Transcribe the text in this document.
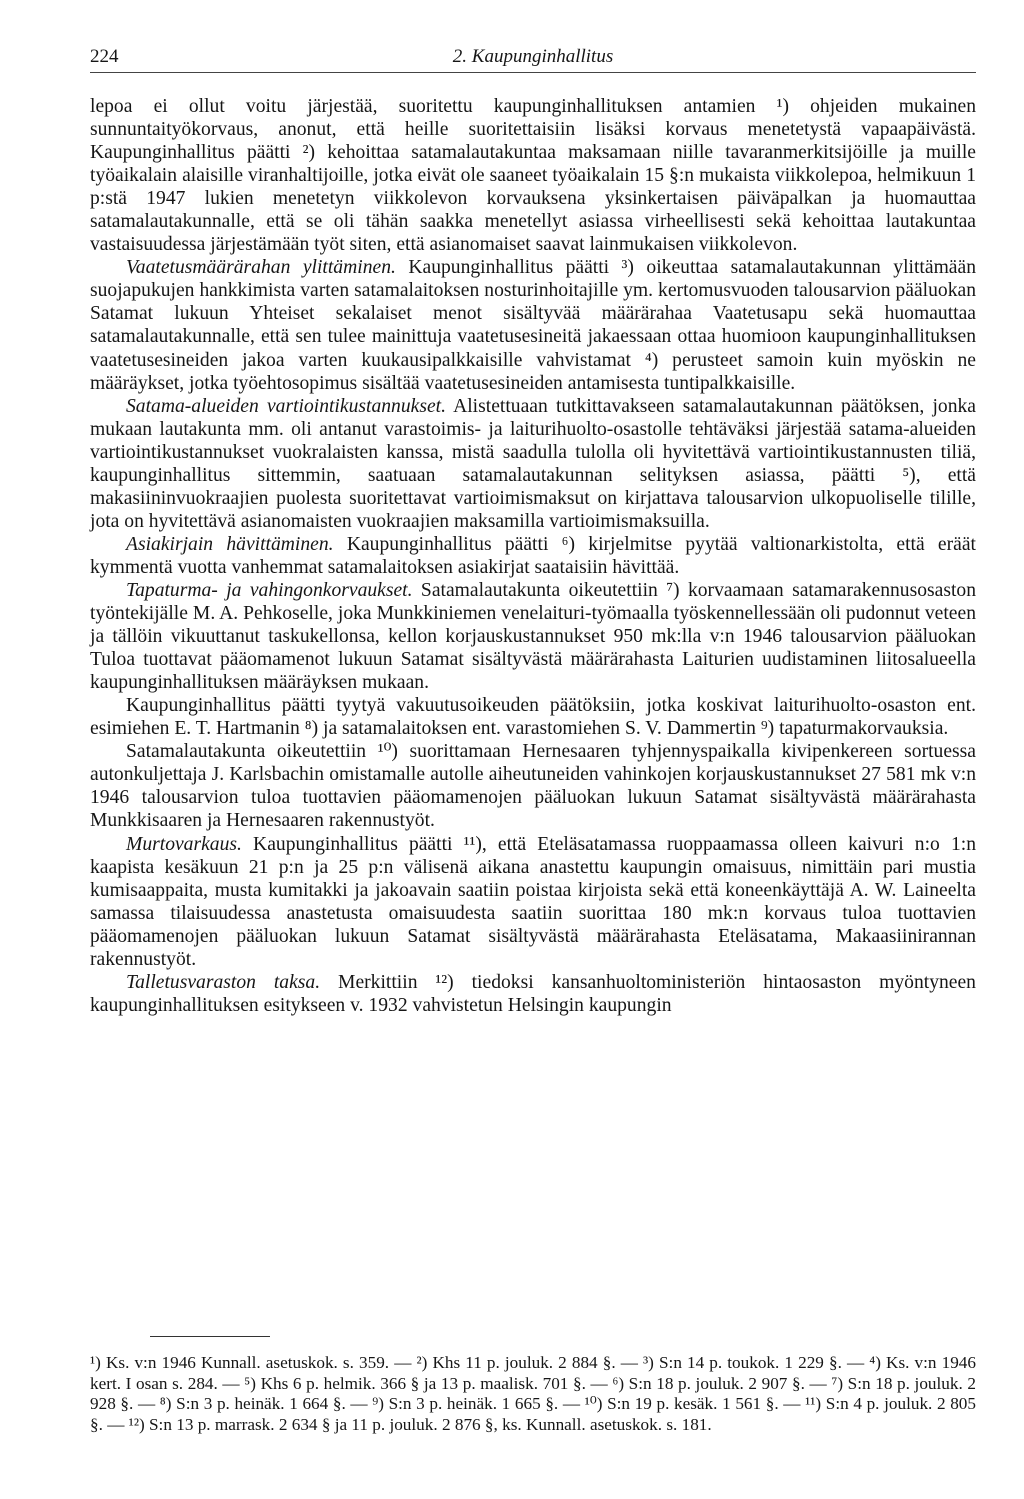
224	2. Kaupunginhallitus

lepoa ei ollut voitu järjestää, suoritettu kaupunginhallituksen antamien ¹) ohjeiden mukainen sunnuntaityökorvaus, anonut, että heille suoritettaisiin lisäksi korvaus menetetystä vapaapäivästä. Kaupunginhallitus päätti ²) kehoittaa satamalautakuntaa maksamaan niille tavaranmerkitsijöille ja muille työaikalain alaisille viranhaltijoille, jotka eivät ole saaneet työaikalain 15 §:n mukaista viikkolepoa, helmikuun 1 p:stä 1947 lukien menetetyn viikkolevon korvauksena yksinkertaisen päiväpalkan ja huomauttaa satamalautakunnalle, että se oli tähän saakka menetellyt asiassa virheellisesti sekä kehoittaa lautakuntaa vastaisuudessa järjestämään työt siten, että asianomaiset saavat lainmukaisen viikkolevon.

Vaatetusmäärärahan ylittäminen. Kaupunginhallitus päätti ³) oikeuttaa satamalautakunnan ylittämään suojapukujen hankkimista varten satamalaitoksen nosturinhoitajille ym. kertomusvuoden talousarvion pääluokan Satamat lukuun Yhteiset sekalaiset menot sisältyvää määrärahaa Vaatetusapu sekä huomauttaa satamalautakunnalle, että sen tulee mainittuja vaatetusesineitä jakaessaan ottaa huomioon kaupunginhallituksen vaatetusesineiden jakoa varten kuukausipalkkaisille vahvistamat ⁴) perusteet samoin kuin myöskin ne määräykset, jotka työehtosopimus sisältää vaatetusesineiden antamisesta tuntipalkkaisille.

Satama-alueiden vartiointikustannukset. Alistettuaan tutkittavakseen satamalautakunnan päätöksen, jonka mukaan lautakunta mm. oli antanut varastoimis- ja laiturihuolto-osastolle tehtäväksi järjestää satama-alueiden vartiointikustannukset vuokralaisten kanssa, mistä saadulla tulolla oli hyvitettävä vartiointikustannusten tiliä, kaupunginhallitus sittemmin, saatuaan satamalautakunnan selityksen asiassa, päätti ⁵), että makasiininvuokraajien puolesta suoritettavat vartioimismaksut on kirjattava talousarvion ulkopuoliselle tilille, jota on hyvitettävä asianomaisten vuokraajien maksamilla vartioimismaksuilla.

Asiakirjain hävittäminen. Kaupunginhallitus päätti ⁶) kirjelmitse pyytää valtionarkistolta, että eräät kymmentä vuotta vanhemmat satamalaitoksen asiakirjat saataisiin hävittää.

Tapaturma- ja vahingonkorvaukset. Satamalautakunta oikeutettiin ⁷) korvaamaan satamarakennusosaston työntekijälle M. A. Pehkoselle, joka Munkkiniemen venelaituri-työmaalla työskennellessään oli pudonnut veteen ja tällöin vikuuttanut taskukellonsa, kellon korjauskustannukset 950 mk:lla v:n 1946 talousarvion pääluokan Tuloa tuottavat pääomamenot lukuun Satamat sisältyvästä määrärahasta Laiturien uudistaminen liitosalueella kaupunginhallituksen määräyksen mukaan.

Kaupunginhallitus päätti tyytyä vakuutusoikeuden päätöksiin, jotka koskivat laiturihuolto-osaston ent. esimiehen E. T. Hartmanin ⁸) ja satamalaitoksen ent. varastomiehen S. V. Dammertin ⁹) tapaturmakorvauksia.

Satamalautakunta oikeutettiin ¹⁰) suorittamaan Hernesaaren tyhjennyspaikalla kivipenkereen sortuessa autonkuljettaja J. Karlsbachin omistamalle autolle aiheutuneiden vahinkojen korjauskustannukset 27 581 mk v:n 1946 talousarvion tuloa tuottavien pääomamenojen pääluokan lukuun Satamat sisältyvästä määrärahasta Munkkisaaren ja Hernesaaren rakennustyöt.

Murtovarkaus. Kaupunginhallitus päätti ¹¹), että Eteläsatamassa ruoppaamassa olleen kaivuri n:o 1:n kaapista kesäkuun 21 p:n ja 25 p:n välisenä aikana anastettu kaupungin omaisuus, nimittäin pari mustia kumisaappaita, musta kumitakki ja jakoavain saatiin poistaa kirjoista sekä että koneenkäyttäjä A. W. Laineelta samassa tilaisuudessa anastetusta omaisuudesta saatiin suorittaa 180 mk:n korvaus tuloa tuottavien pääomamenojen pääluokan lukuun Satamat sisältyvästä määrärahasta Eteläsatama, Makaasiinirannan rakennustyöt.

Talletusvaraston taksa. Merkittiin ¹²) tiedoksi kansanhuoltoministeriön hintaosaston myöntyneen kaupunginhallituksen esitykseen v. 1932 vahvistetun Helsingin kaupungin

¹) Ks. v:n 1946 Kunnall. asetuskok. s. 359. — ²) Khs 11 p. jouluk. 2 884 §. — ³) S:n 14 p. toukok. 1 229 §. — ⁴) Ks. v:n 1946 kert. I osan s. 284. — ⁵) Khs 6 p. helmik. 366 § ja 13 p. maalisk. 701 §. — ⁶) S:n 18 p. jouluk. 2 907 §. — ⁷) S:n 18 p. jouluk. 2 928 §. — ⁸) S:n 3 p. heinäk. 1 664 §. — ⁹) S:n 3 p. heinäk. 1 665 §. — ¹⁰) S:n 19 p. kesäk. 1 561 §. — ¹¹) S:n 4 p. jouluk. 2 805 §. — ¹²) S:n 13 p. marrask. 2 634 § ja 11 p. jouluk. 2 876 §, ks. Kunnall. asetuskok. s. 181.
